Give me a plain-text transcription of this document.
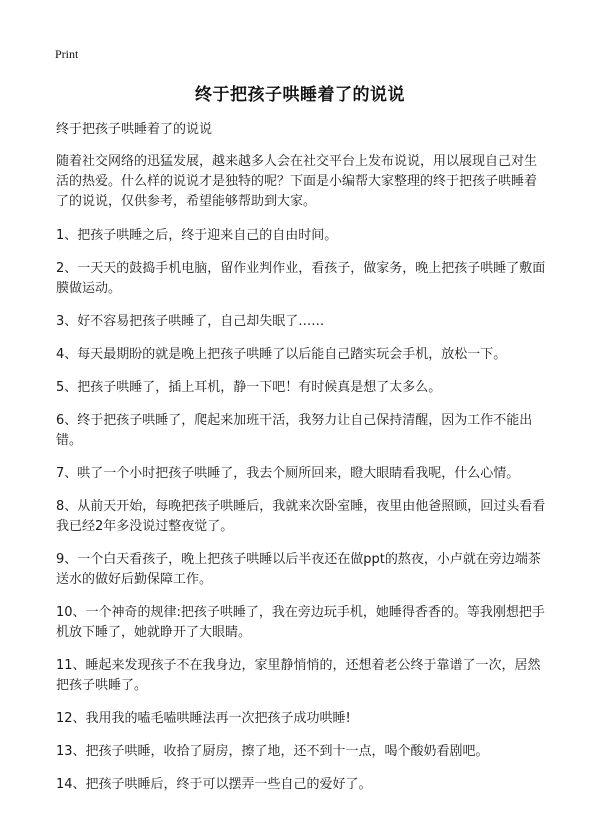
Print
终于把孩子哄睡着了的说说

终于把孩子哄睡着了的说说

随着社交网络的迅猛发展，越来越多人会在社交平台上发布说说，用以展现自己对生活的热爱。什么样的说说才是独特的呢？下面是小编帮大家整理的终于把孩子哄睡着了的说说，仅供参考，希望能够帮助到大家。

1、把孩子哄睡之后，终于迎来自己的自由时间。

2、一天天的鼓捣手机电脑，留作业判作业，看孩子，做家务，晚上把孩子哄睡了敷面膜做运动。

3、好不容易把孩子哄睡了，自己却失眠了……

4、每天最期盼的就是晚上把孩子哄睡了以后能自己踏实玩会手机，放松一下。

5、把孩子哄睡了，插上耳机，静一下吧！有时候真是想了太多么。

6、终于把孩子哄睡了，爬起来加班干活，我努力让自己保持清醒，因为工作不能出错。

7、哄了一个小时把孩子哄睡了，我去个厕所回来，瞪大眼睛看我呢，什么心情。

8、从前天开始，每晚把孩子哄睡后，我就来次卧室睡，夜里由他爸照顾，回过头看看我已经2年多没说过整夜觉了。

9、一个白天看孩子，晚上把孩子哄睡以后半夜还在做ppt的熬夜，小卢就在旁边端茶送水的做好后勤保障工作。

10、一个神奇的规律:把孩子哄睡了，我在旁边玩手机，她睡得香香的。等我刚想把手机放下睡了，她就睁开了大眼睛。

11、睡起来发现孩子不在我身边，家里静悄悄的，还想着老公终于靠谱了一次，居然把孩子哄睡了。

12、我用我的嗑毛嗑哄睡法再一次把孩子成功哄睡!

13、把孩子哄睡，收拾了厨房，擦了地，还不到十一点，喝个酸奶看剧吧。

14、把孩子哄睡后，终于可以摆弄一些自己的爱好了。
